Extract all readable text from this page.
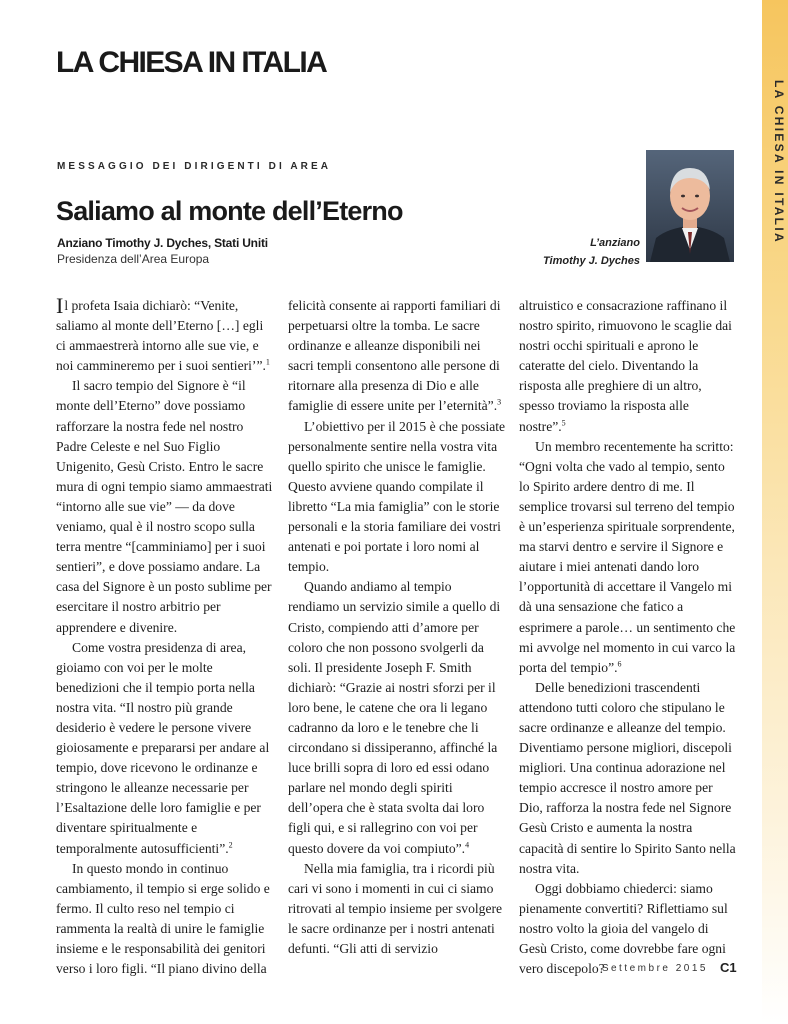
LA CHIESA IN ITALIA
LA CHIESA IN ITALIA
MESSAGGIO DEI DIRIGENTI DI AREA
Saliamo al monte dell’Eterno
Anziano Timothy J. Dyches, Stati Uniti
Presidenza dell’Area Europa
L’anziano
Timothy J. Dyches

Il profeta Isaia dichiarò: “Venite, saliamo al monte dell’Eterno […] egli ci ammaestrerà intorno alle sue vie, e noi cammineremo per i suoi sentieri’”.$^1$

Il sacro tempio del Signore è “il monte dell’Eterno” dove possiamo rafforzare la nostra fede nel nostro Padre Celeste e nel Suo Figlio Unigenito, Gesù Cristo. Entro le sacre mura di ogni tempio siamo ammaestrati “intorno alle sue vie” — da dove veniamo, qual è il nostro scopo sulla terra mentre “[camminiamo] per i suoi sentieri”, e dove possiamo andare. La casa del Signore è un posto sublime per esercitare il nostro arbitrio per apprendere e divenire.

Come vostra presidenza di area, gioiamo con voi per le molte benedizioni che il tempio porta nella nostra vita. “Il nostro più grande desiderio è vedere le persone vivere gioiosamente e prepararsi per andare al tempio, dove ricevono le ordinanze e stringono le alleanze necessarie per l’Esaltazione delle loro famiglie e per diventare spiritualmente e temporalmente autosufficienti”.$^2$

In questo mondo in continuo cambiamento, il tempio si erge solido e fermo. Il culto reso nel tempio ci rammenta la realtà di unire le famiglie insieme e le responsabilità dei genitori verso i loro figli. “Il piano divino della

felicità consente ai rapporti familiari di perpetuarsi oltre la tomba. Le sacre ordinanze e alleanze disponibili nei sacri templi consentono alle persone di ritornare alla presenza di Dio e alle famiglie di essere unite per l’eternità”.$^3$

L’obiettivo per il 2015 è che possiate personalmente sentire nella vostra vita quello spirito che unisce le famiglie. Questo avviene quando compilate il libretto “La mia famiglia” con le storie personali e la storia familiare dei vostri antenati e poi portate i loro nomi al tempio.

Quando andiamo al tempio rendiamo un servizio simile a quello di Cristo, compiendo atti d’amore per coloro che non possono svolgerli da soli. Il presidente Joseph F. Smith dichiarò: “Grazie ai nostri sforzi per il loro bene, le catene che ora li legano cadranno da loro e le tenebre che li circondano si dissiperanno, affinché la luce brilli sopra di loro ed essi odano parlare nel mondo degli spiriti dell’opera che è stata svolta dai loro figli qui, e si rallegrino con voi per questo dovere da voi compiuto”.$^4$

Nella mia famiglia, tra i ricordi più cari vi sono i momenti in cui ci siamo ritrovati al tempio insieme per svolgere le sacre ordinanze per i nostri antenati defunti. “Gli atti di servizio

altruistico e consacrazione raffinano il nostro spirito, rimuovono le scaglie dai nostri occhi spirituali e aprono le cateratte del cielo. Diventando la risposta alle preghiere di un altro, spesso troviamo la risposta alle nostre”.$^5$

Un membro recentemente ha scritto: “Ogni volta che vado al tempio, sento lo Spirito ardere dentro di me. Il semplice trovarsi sul terreno del tempio è un’esperienza spirituale sorprendente, ma starvi dentro e servire il Signore e aiutare i miei antenati dando loro l’opportunità di accettare il Vangelo mi dà una sensazione che fatico a esprimere a parole… un sentimento che mi avvolge nel momento in cui varco la porta del tempio”.$^6$

Delle benedizioni trascendenti attendono tutti coloro che stipulano le sacre ordinanze e alleanze del tempio. Diventiamo persone migliori, discepoli migliori. Una continua adorazione nel tempio accresce il nostro amore per Dio, rafforza la nostra fede nel Signore Gesù Cristo e aumenta la nostra capacità di sentire lo Spirito Santo nella nostra vita.

Oggi dobbiamo chiederci: siamo pienamente convertiti? Riflettiamo sul nostro volto la gioia del vangelo di Gesù Cristo, come dovrebbe fare ogni vero discepolo?

Settembre 2015 C1
